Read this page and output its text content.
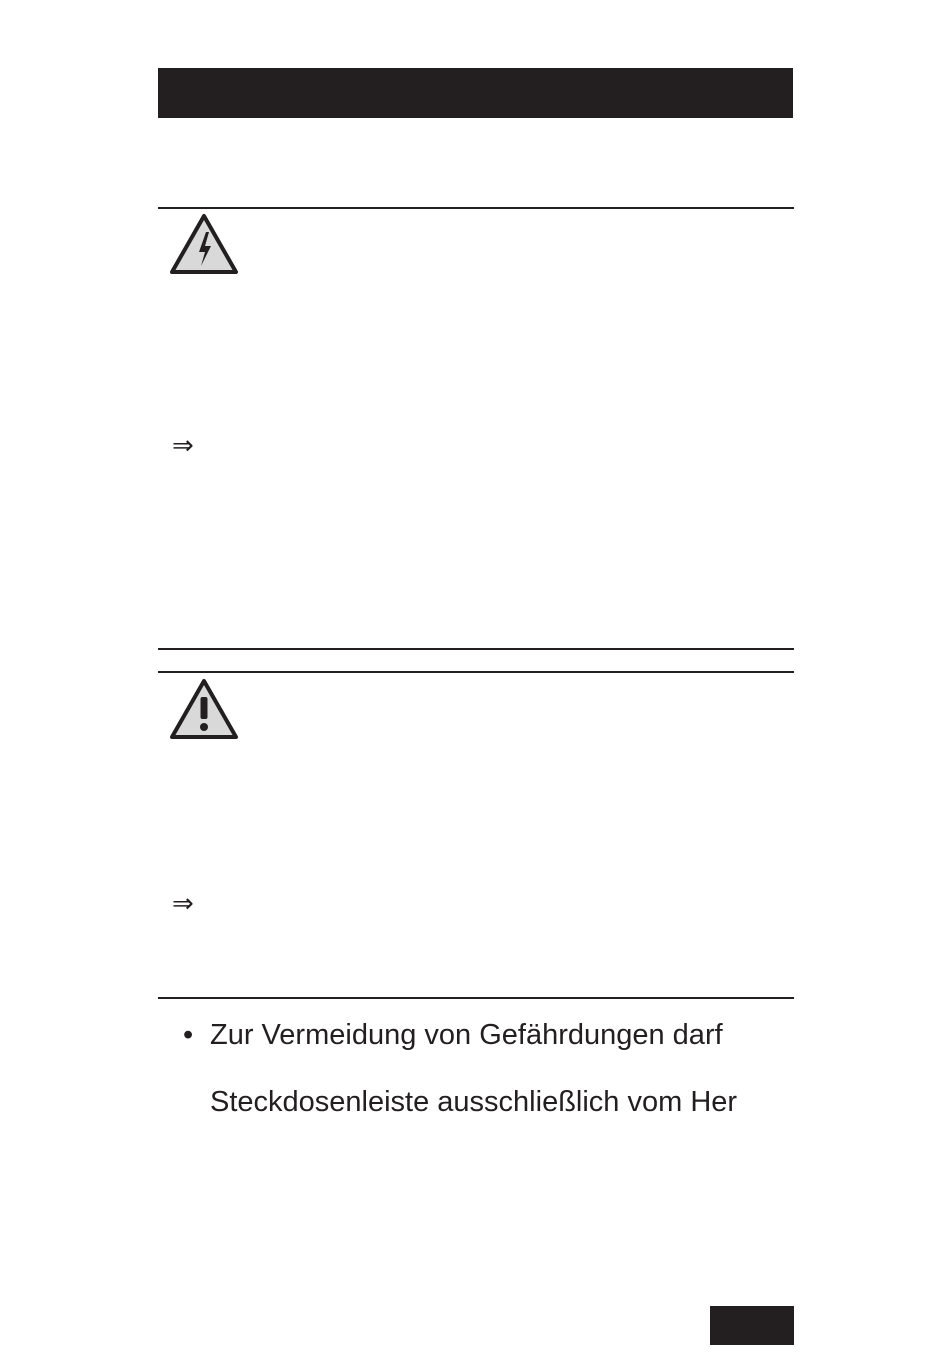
⇒
⇒
• Zur Vermeidung von Gefährdungen darf
Steckdosenleiste ausschließlich vom Her
